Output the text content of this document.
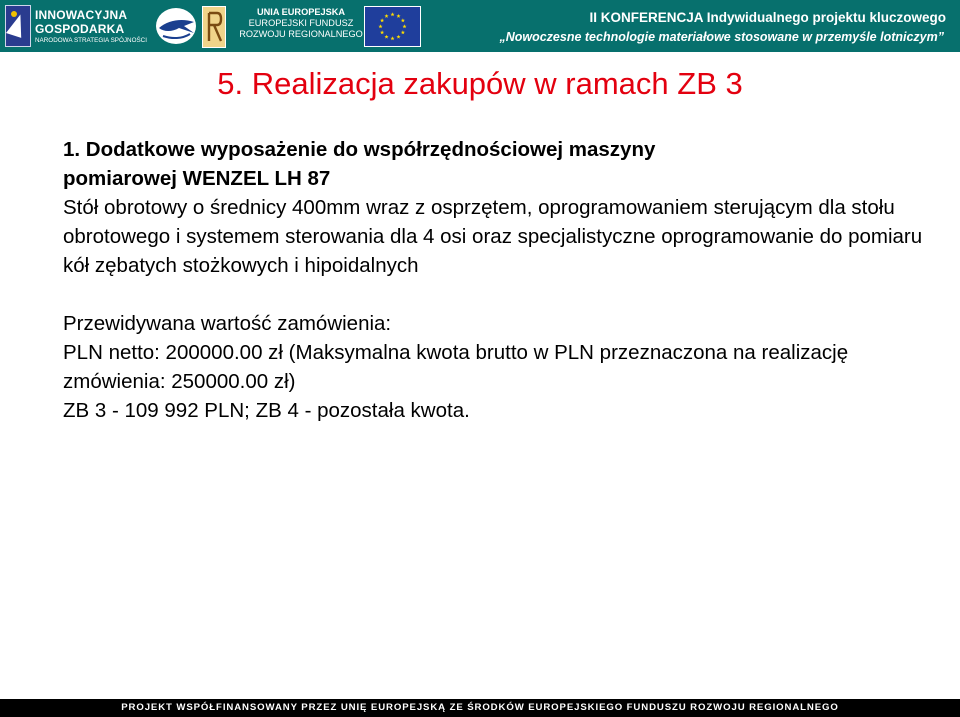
INNOWACYJNA
GOSPODARKA
NARODOWA STRATEGIA SPÓJNOŚCI
UNIA EUROPEJSKA
EUROPEJSKI FUNDUSZ
ROZWOJU REGIONALNEGO
II KONFERENCJA Indywidualnego projektu kluczowego
„Nowoczesne technologie materiałowe stosowane w przemyśle lotniczym”
5. Realizacja zakupów w ramach ZB 3

1. Dodatkowe wyposażenie do współrzędnościowej maszyny

pomiarowej WENZEL LH 87

Stół obrotowy o średnicy 400mm wraz z osprzętem, oprogramowaniem sterującym dla stołu obrotowego i systemem sterowania dla 4 osi oraz specjalistyczne oprogramowanie do pomiaru kół zębatych stożkowych i hipoidalnych

Przewidywana wartość zamówienia:

PLN netto: 200000.00 zł (Maksymalna kwota brutto w PLN przeznaczona na realizację zmówienia: 250000.00 zł)

ZB 3 - 109 992 PLN; ZB 4 - pozostała kwota.

PROJEKT WSPÓŁFINANSOWANY PRZEZ UNIĘ EUROPEJSKĄ ZE ŚRODKÓW EUROPEJSKIEGO FUNDUSZU ROZWOJU REGIONALNEGO
